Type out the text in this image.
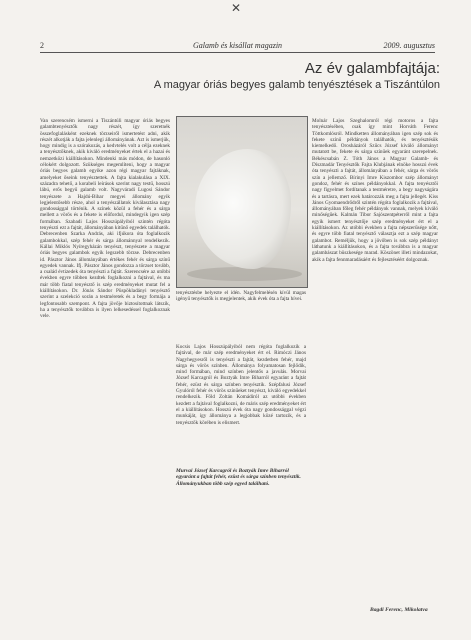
✕
2	Galamb és kisállat magazin	2009. augusztus

Az év galambfajtája:

A magyar óriás begyes galamb tenyésztések a Tiszántúlon

Van szerencsém ismerni a Tiszántúli magyar óriás begyes galambtenyésztők nagy részét, így szeretnék összefoglalásként ezeknek törzseiről ismertetést adni, akik részét alkotják a fajta jelenlegi állományának. Azt is ismerjük, hogy mindig is a szórakozás, a kedvtelés volt a célja ezeknek a tenyésztőknek, akik kiváló eredményeket értek el a hazai és nemzetközi kiállításokon. Mindenki más módon, de hasonló célokért dolgozott. Szükséges megemlíteni, hogy a magyar óriás begyes galamb egyike azon régi magyar fajtáknak, amelyeket őseink tenyésztettek. A fajta kialakulása a XIX. századra tehető, a korabeli leírások szerint nagy testű, hosszú lábú, erős begyű galamb volt. Nagyváradi Lugosi Sándor tenyészete a Hajdú-Bihar megyei állomány egyik legjelentősebb része, ahol a tenyészállatok kiválasztása nagy gondossággal történik. A színek közül a fehér és a sárga mellett a vörös és a fekete is előfordul, mindegyik igen szép formában. Szabadi Lajos Hosszúpályiból szintén régóta tenyészti ezt a fajtát, állományában kitűnő egyedek találhatók. Debrecenben Szarka András, aki ifjúkora óta foglalkozik galambokkal, szép fehér és sárga állománnyal rendelkezik. Kállai Miklós Nyíregyházán tenyészt, tenyészete a magyar óriás begyes galambok egyik legszebb törzse. Debrecenben id. Pásztor János állományában értékes fehér és sárga színű egyedek vannak. Ifj. Pásztor János gondozza a törzset tovább, a család évtizedek óta tenyészti a fajtát. Szerencsére az utóbbi években egyre többen kezdtek foglalkozni a fajtával, és ma már több fiatal tenyésztő is szép eredményeket mutat fel a kiállításokon. Dr. Jónás Sándor Püspökladányi tenyésztő szerint a szelekció során a testméretek és a begy formája a legfontosabb szempont. A fajta jövője biztosítottnak látszik, ha a tenyésztők továbbra is ilyen lelkesedéssel foglalkoznak vele.

tenyésztésbe helyezte el idén. Nagyfelmelésén kívül magas igényű tenyésztők is megjelentek, akik évek óta a fajta hívei.

Kocsis Lajos Hosszúpályiból nem régóta foglalkozik a fajtával, de már szép eredményeket ért el. Rimóczi János Nagyhegyesről is tenyészti a fajtát, kezdetben fehér, majd sárga és vörös színben. Állománya folyamatosan fejlődik, mind formában, mind színben jelentős a javulás. Morvai József Karcagról és Boztyák Imre Biharról egyaránt a fajtát fehér, ezüst és sárga színben tenyésztik. Szépfalusi József Gyulóról fehér és vörös színűeket tenyészt, kiváló egyedekkel rendelkezik. Föld Zoltán Komádiról az utóbbi években kezdett a fajtával foglalkozni, de máris szép eredményeket ért el a kiállításokon. Hosszú évek óta nagy gondossággal végzi munkáját, így állománya a legjobbak közé tartozik, és a tenyésztők körében is elismert.

Molnár Lajos Szeghalomról régi motoros a fajta tenyésztésében, csak így mint Horváth Ferenc Töttkomlósról. Mindketten állományában igen szép sok és fekete színű példányok találhatók, és tenyésztésük kiemelkedő. Orosházáról Szűcs József kiváló állományt mutatott be, fekete és sárga színűek egyaránt szerepelnek. Békéscsabán Z. Tóth János a Magyar Galamb- és Díszmadár Tenyésztők Fajta Klubjának elnöke hosszú évek óta tenyészti a fajtát, állományában a fehér, sárga és vörös szín a jellemző. Bírinyi Imre Kiszombor szép állományt gondoz, fehér és színes példányokkal. A fajta tenyésztői nagy figyelmet fordítanak a testméretre, a begy nagyságára és a tartásra, mert ezek határozzák meg a fajta jellegét. Kiss János Gyomaendrődről szintén régóta foglalkozik a fajtával, állományában főleg fehér példányok vannak, melyek kiváló minőségűek. Kalmán Tibor Sajószentpéterről mint a fajta egyik ismert tenyésztője szép eredményeket ért el a kiállításokon. Az utóbbi években a fajta népszerűsége nőtt, és egyre több fiatal tenyésztő választja ezt a szép magyar galambot. Reméljük, hogy a jövőben is sok szép példányt láthatunk a kiállításokon, és a fajta továbbra is a magyar galambászat büszkesége marad. Köszönet illeti mindazokat, akik a fajta fennmaradásáért és fejlesztéséért dolgoznak.

Murvai József Karcagról és Boztyák Imre Biharról egyaránt a fajtát fehér, ezüst és sárga színben tenyésztik. Állományukban több szép egyed található.
Bagdi Ferenc, Mikolatva
